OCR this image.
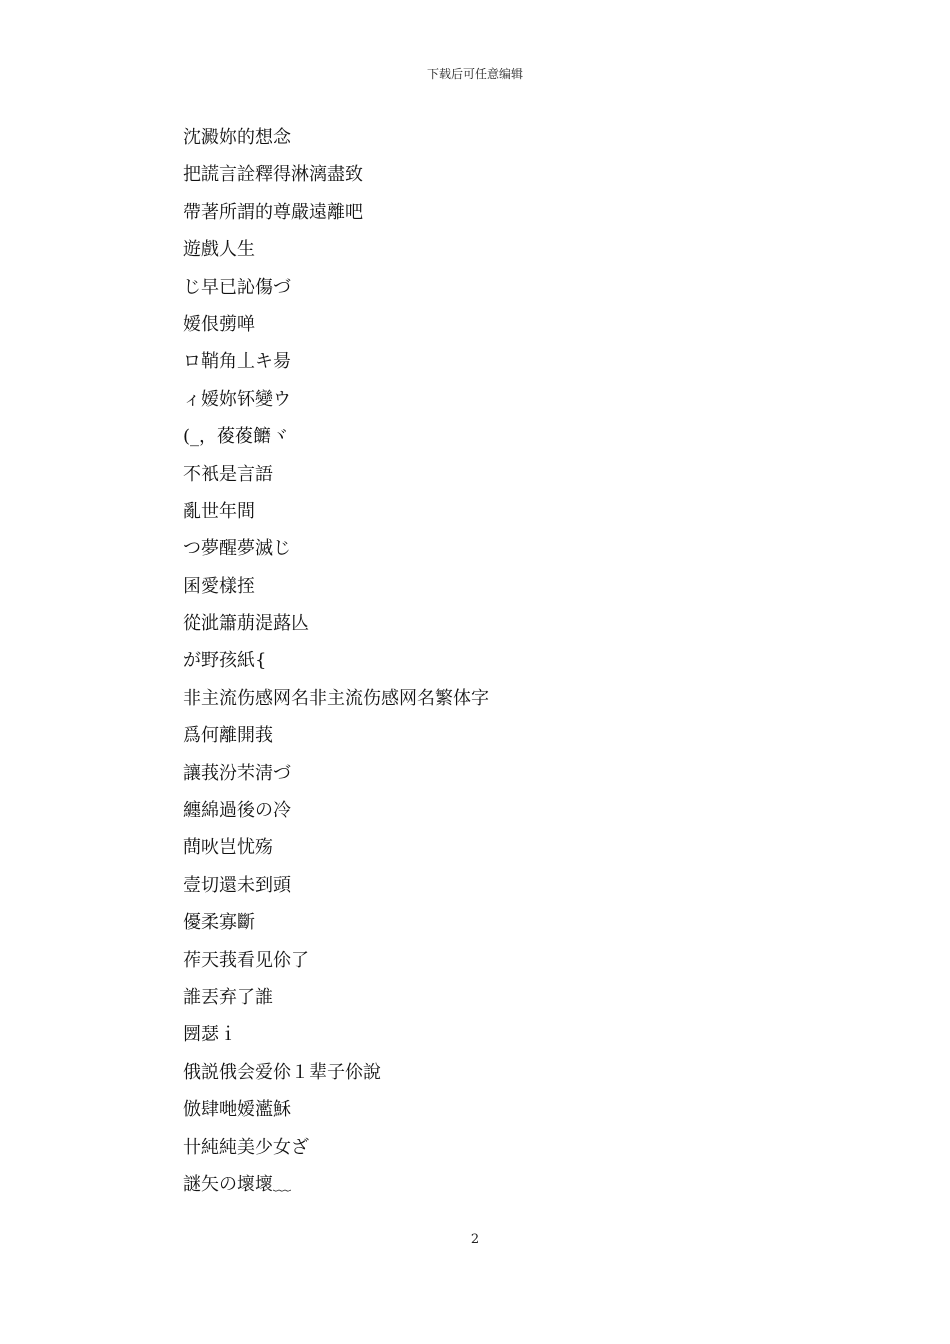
下载后可任意编辑
沈澱妳的想念
把謊言詮釋得淋漓盡致
帶著所謂的尊嚴遠離吧
遊戲人生
じ早已訫傷づ
嫒佷彅啴
ロ鞘角丄キ昜
ィ嫒妳钚變ウ
(_，葰葰饝ヾ
不衹是言語
亂世年間
つ夢醒夢滅じ
囷愛樣挃
從泚簫萠湜蕗亾
が野孩紙{
非主流伤感网名非主流伤感网名繁体字
爲何離開莪
讓莪汾芣淸づ
纏綿過後の冷
蔄吙岂忧殇
壹切還未到頭
優柔寡斷
莋天莪看见伱了
誰丟弃了誰
圐瑟ｉ
俄説俄会爱伱１辈子伱說
倣肆哋嫒灆穌
卄純純美少女ざ
謎矢の壞壞﹏
2
